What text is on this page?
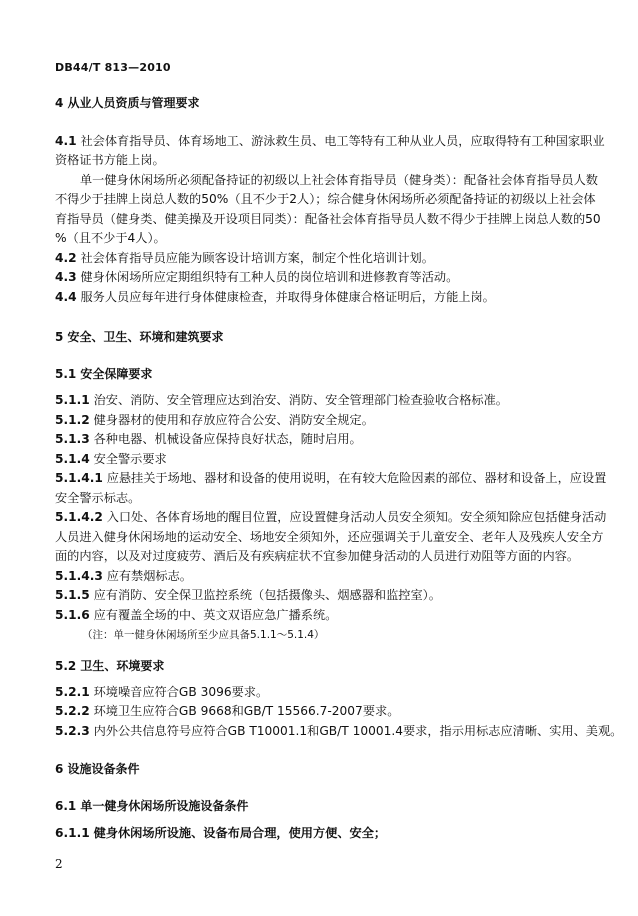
DB44/T 813—2010
4 从业人员资质与管理要求
4.1 社会体育指导员、体育场地工、游泳救生员、电工等特有工种从业人员，应取得特有工种国家职业
资格证书方能上岗。
单一健身休闲场所必须配备持证的初级以上社会体育指导员（健身类）：配备社会体育指导员人数
不得少于挂牌上岗总人数的50%（且不少于2人）；综合健身休闲场所必须配备持证的初级以上社会体
育指导员（健身类、健美操及开设项目同类）：配备社会体育指导员人数不得少于挂牌上岗总人数的50
%（且不少于4人）。
4.2 社会体育指导员应能为顾客设计培训方案，制定个性化培训计划。
4.3 健身休闲场所应定期组织特有工种人员的岗位培训和进修教育等活动。
4.4 服务人员应每年进行身体健康检查，并取得身体健康合格证明后，方能上岗。
5 安全、卫生、环境和建筑要求
5.1 安全保障要求
5.1.1 治安、消防、安全管理应达到治安、消防、安全管理部门检查验收合格标准。
5.1.2 健身器材的使用和存放应符合公安、消防安全规定。
5.1.3 各种电器、机械设备应保持良好状态，随时启用。
5.1.4 安全警示要求
5.1.4.1 应悬挂关于场地、器材和设备的使用说明，在有较大危险因素的部位、器材和设备上，应设置
安全警示标志。
5.1.4.2 入口处、各体育场地的醒目位置，应设置健身活动人员安全须知。安全须知除应包括健身活动
人员进入健身休闲场地的运动安全、场地安全须知外，还应强调关于儿童安全、老年人及残疾人安全方
面的内容，以及对过度疲劳、酒后及有疾病症状不宜参加健身活动的人员进行劝阻等方面的内容。
5.1.4.3 应有禁烟标志。
5.1.5 应有消防、安全保卫监控系统（包括摄像头、烟感器和监控室）。
5.1.6 应有覆盖全场的中、英文双语应急广播系统。
（注：单一健身休闲场所至少应具备5.1.1～5.1.4）
5.2 卫生、环境要求
5.2.1 环境噪音应符合GB 3096要求。
5.2.2 环境卫生应符合GB 9668和GB/T 15566.7-2007要求。
5.2.3 内外公共信息符号应符合GB T10001.1和GB/T 10001.4要求，指示用标志应清晰、实用、美观。
6 设施设备条件
6.1 单一健身休闲场所设施设备条件
6.1.1 健身休闲场所设施、设备布局合理，使用方便、安全；
2
